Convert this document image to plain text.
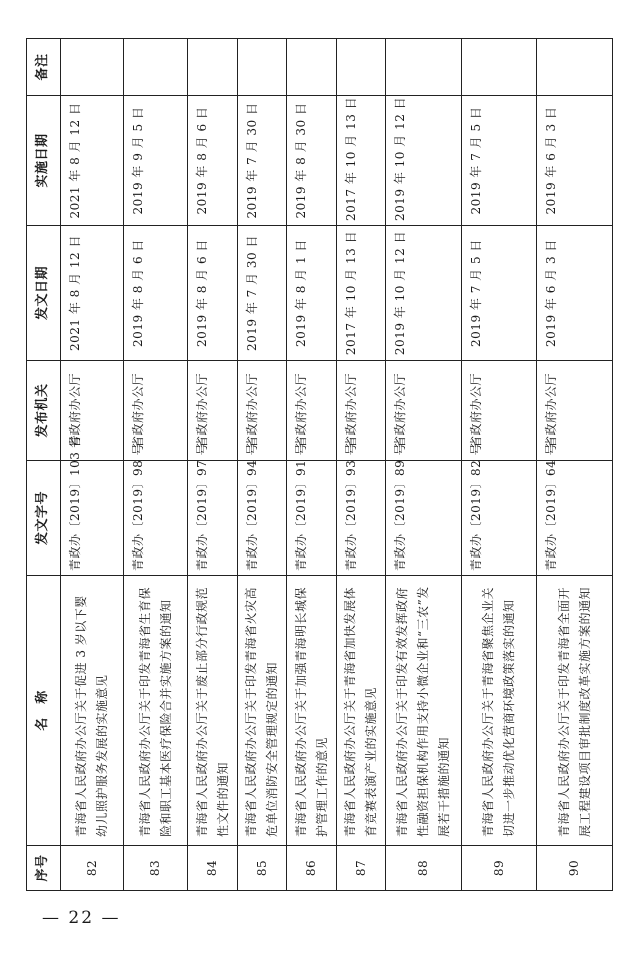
序号	名　称	发文字号	发布机关	发文日期	实施日期	备注
82	青海省人民政府办公厅关于促进 3 岁以下婴幼儿照护服务发展的实施意见	青政办〔2019〕103 号	省政府办公厅	2021 年 8 月 12 日	2021 年 8 月 12 日	
83	青海省人民政府办公厅关于印发青海省生育保险和职工基本医疗保险合并实施方案的通知	青政办〔2019〕98 号	省政府办公厅	2019 年 8 月 6 日	2019 年 9 月 5 日	
84	青海省人民政府办公厅关于废止部分行政规范性文件的通知	青政办〔2019〕97 号	省政府办公厅	2019 年 8 月 6 日	2019 年 8 月 6 日	
85	青海省人民政府办公厅关于印发青海省火灾高危单位消防安全管理规定的通知	青政办〔2019〕94 号	省政府办公厅	2019 年 7 月 30 日	2019 年 7 月 30 日	
86	青海省人民政府办公厅关于加强青海明长城保护管理工作的意见	青政办〔2019〕91 号	省政府办公厅	2019 年 8 月 1 日	2019 年 8 月 30 日	
87	青海省人民政府办公厅关于青海省加快发展体育竞赛表演产业的实施意见	青政办〔2019〕93 号	省政府办公厅	2017 年 10 月 13 日	2017 年 10 月 13 日	
88	青海省人民政府办公厅关于印发有效发挥政府性融资担保机构作用支持小微企业和“三农”发展若干措施的通知	青政办〔2019〕89 号	省政府办公厅	2019 年 10 月 12 日	2019 年 10 月 12 日	
89	青海省人民政府办公厅关于青海省聚焦企业关切进一步推动优化营商环境政策落实的通知	青政办〔2019〕82 号	省政府办公厅	2019 年 7 月 5 日	2019 年 7 月 5 日	
90	青海省人民政府办公厅关于印发青海省全面开展工程建设项目审批制度改革实施方案的通知	青政办〔2019〕64 号	省政府办公厅	2019 年 6 月 3 日	2019 年 6 月 3 日	
— 22 —
